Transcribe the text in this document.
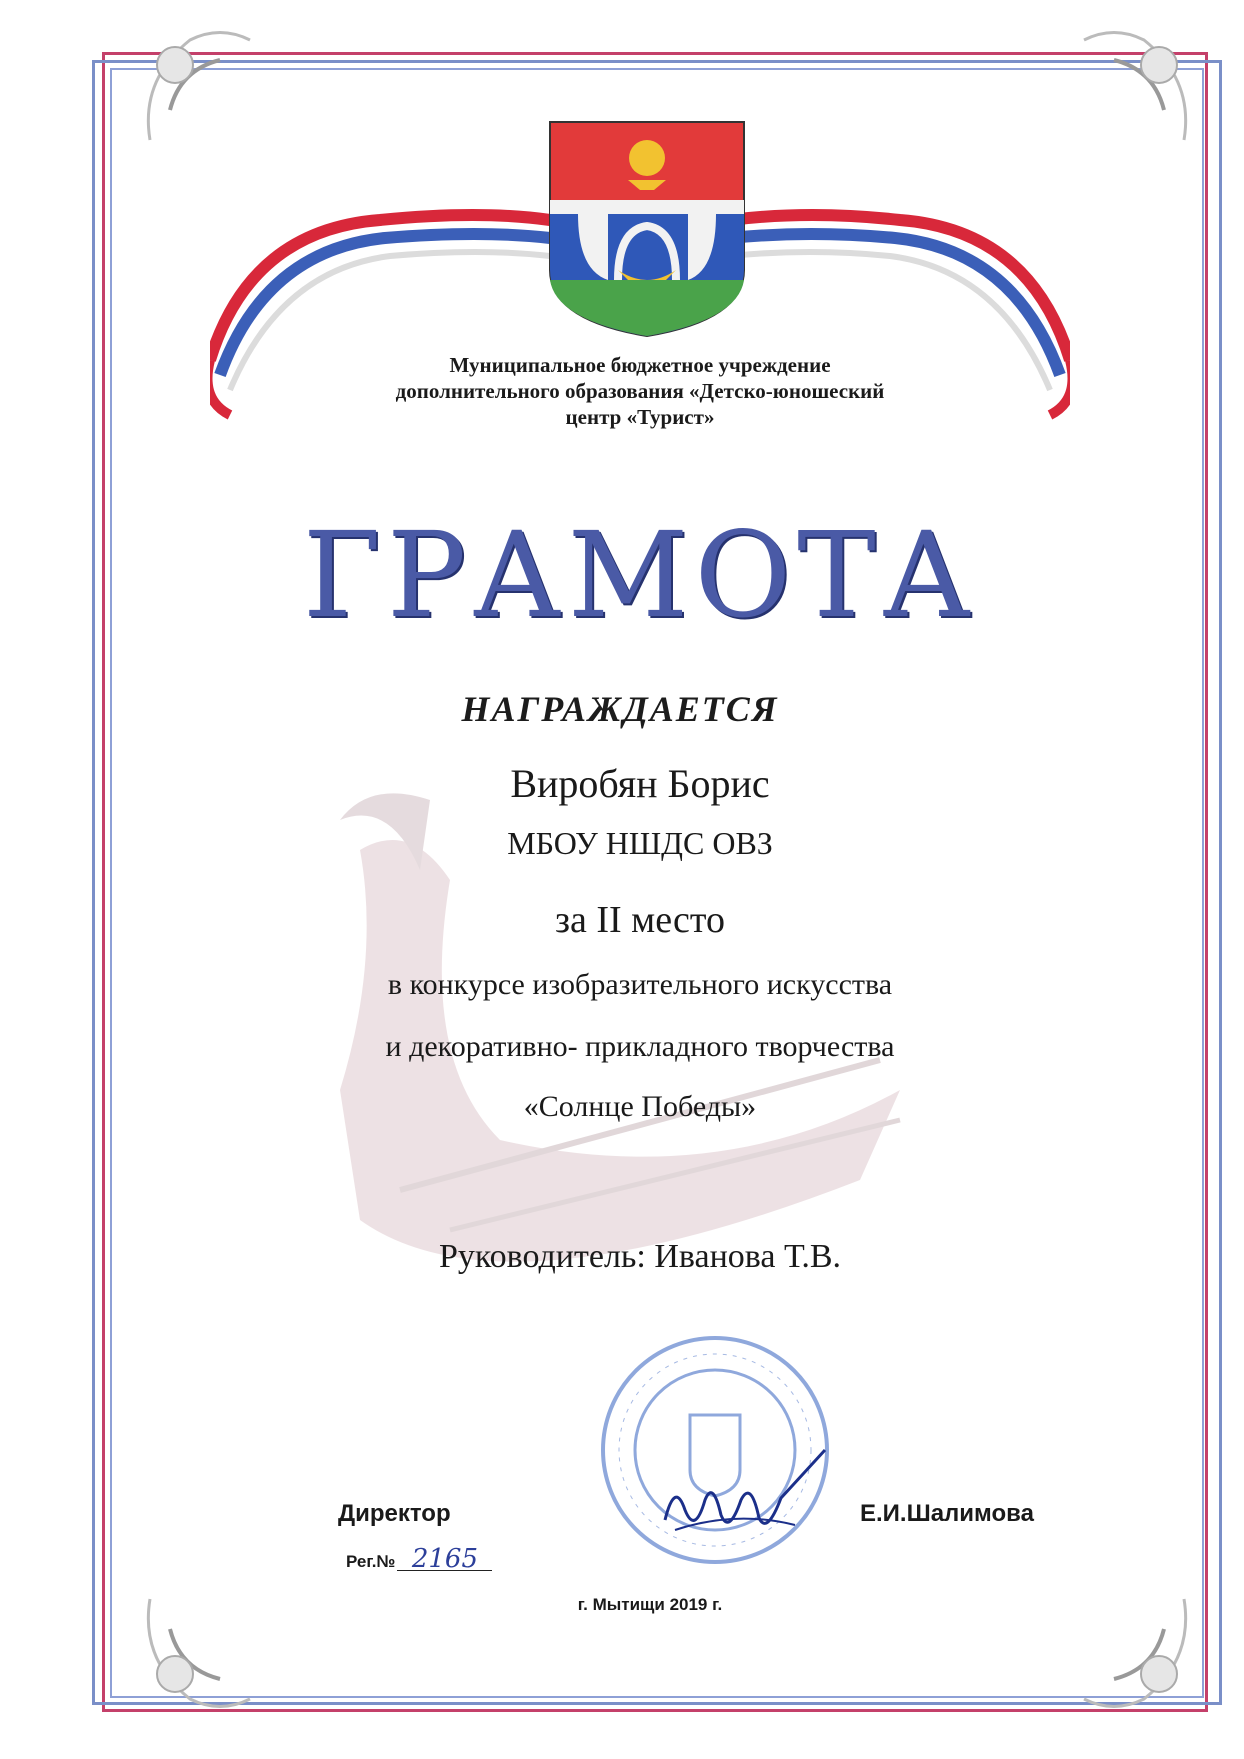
Муниципальное бюджетное учреждение
дополнительного образования «Детско-юношеский
центр «Турист»
ГРАМОТА
НАГРАЖДАЕТСЯ
Виробян Борис
МБОУ НШДС ОВЗ
за II место
в конкурсе изобразительного искусства
и декоративно- прикладного творчества
«Солнце Победы»
Руководитель: Иванова Т.В.
Директор
Рег.№ 2165
Е.И.Шалимова
г. Мытищи 2019 г.
